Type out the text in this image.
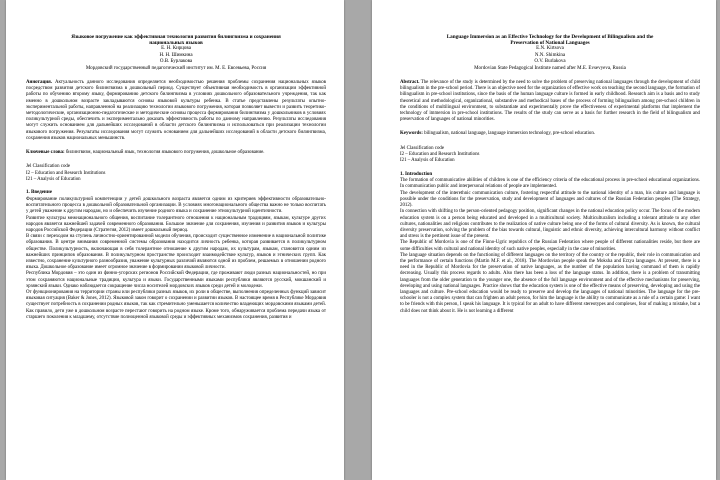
Языковое погружение как эффективная технология развития билингвизма и сохранения
национальных языков
Е. Н. Кирцова
Н. Н. Шимкина
О.В. Бурлакова
Мордовский государственный педагогический институт им. М. Е. Евсевьева, Россия
Аннотация. Актуальность данного исследования определяется необходимостью решения проблемы сохранения национальных языков посредством развития детского билингвизма в дошкольный период. Существует объективная необходимость в организации эффективной работы по обучению второму языку, формированию детского билингвизма в условиях дошкольного образовательного учреждения, так как именно в дошкольном возрасте закладываются основы языковой культуры ребенка. В статье представлены результаты опытно-экспериментальной работы, направленной на реализацию технологии языкового погружения, которая позволяет вывести и развить теоретико-методологические, организационно-педагогические и методические основы процесса формирования билингвизма у дошкольников в условиях поликультурной среды, обеспечить и экспериментально доказать эффективность работы по данному направлению. Результаты исследования могут служить основанием для дальнейших исследований в области детского билингвизма и использоваться при реализации технологии языкового погружения. Результаты исследования могут служить основанием для дальнейших исследований в области детского билингвизма, сохранения языков национальных меньшинств.
Ключевые слова: билингвизм, национальный язык, технология языкового погружения, дошкольное образование.
Jel Classification code
I2 – Education and Research Institutions
I21 – Analysis of Education
1. Введение
Формирование поликультурной компетенции у детей дошкольного возраста является одним из критериев эффективности образовательно-воспитательного процесса в дошкольной образовательной организации. В условиях многонационального общества важно не только воспитать у детей уважение к другим народам, но и обеспечить изучение родного языка и сохранение этнокультурной идентичности.
Развитие культуры межнационального общения, воспитание толерантного отношения к национальным традициям, языкам, культуре других народов является важнейшей задачей современного образования. Большое значение для сохранения, изучения и развития языков и культуры народов Российской Федерации (Стратегия, 2012) имеет дошкольный период.
В связи с переходом на ступень личностно-ориентированной модели обучения, происходит существенное изменение в национальной политике образования. В центре внимания современной системы образования находится личность ребенка, которая развивается в поликультурном обществе. Поликультурность, включающая в себя толерантное отношение к другим народам, их культурам, языкам, становится одним из важнейших принципов образования. В поликультурном пространстве происходит взаимодействие культур, языков и этнических групп. Как известно, сохранение культурного разнообразия, уважение культурных различий являются одной из проблем, решаемых в отношении родного языка. Дошкольное образование имеет огромное значение в формировании языковой личности.
Республика Мордовия – это один из финно-угорских регионов Российской Федерации, где проживают люди разных национальностей, но при этом сохраняются национальные традиции, культура и языки. Государственными языками республики являются русский, мокшанский и эрзянский языки. Однако наблюдается сокращение числа носителей мордовских языков среди детей и молодежи.
От функционирования на территории страны или республики разных языков, их роли в обществе, выполнения определенных функций зависит языковая ситуация (Baker & Jones, 2012). Языковой закон говорит о сохранении и развитии языков. В настоящее время в Республике Мордовия существует потребность в сохранении родных языков, так как стремительно уменьшается количество владеющих мордовскими языками детей. Как правило, дети уже в дошкольном возрасте перестают говорить на родном языке. Кроме того, обнаруживается проблема передачи языка от старшего поколения к младшему, отсутствие полноценной языковой среды и эффективных механизмов сохранения, развития и
Language Immersion as an Effective Technology for the Development of Bilingualism and the
Preservation of National Languages
E.N. Kirtsova
N.N. Shimkina
O.V. Burlakova
Mordovian State Pedagogical Institute named after M.E. Evsevyeva, Russia
Abstract. The relevance of the study is determined by the need to solve the problem of preserving national languages through the development of child bilingualism in the pre-school period. There is an objective need for the organization of effective work on teaching the second language, the formation of bilingualism in pre-school institutions, since the basis of the human language culture is formed in early childhood. Research aim is a basis and to study theoretical and methodological, organizational, substantive and methodical bases of the process of forming bilingualism among pre-school children in the conditions of multilingual environment, to substantiate and experimentally prove the effectiveness of experimental platforms that implement the technology of immersion in pre-school institutions. The results of the study can serve as a basis for further research in the field of bilingualism and preservation of languages of national minorities.
Keywords: bilingualism, national language, language immersion technology, pre-school education.
Jel Classification code
I2 – Education and Research Institutions
I21 – Analysis of Education
1. Introduction
The formation of communicative abilities of children is one of the efficiency criteria of the educational process in pre-school educational organizations. In communication public and interpersonal relations of people are implemented.
The development of the interethnic communication culture, fostering respectful attitude to the national identity of a man, his culture and language is possible under the conditions for the preservation, study and development of languages and cultures of the Russian Federation peoples (The Strategy, 2012).
In connection with shifting to the person-oriented pedagogy position, significant changes in the national education policy occur. The focus of the modern education system is on a person being educated and developed in a multicultural society. Multiculturalism including a tolerant attitude to any other cultures, nationalities and religions contributes to the realization of native culture being one of the forms of cultural diversity. As is known, the cultural diversity preservation, solving the problem of the bias towards cultural, linguistic and ethnic diversity, achieving intercultural harmony without conflict and stress is the pertinent issue of the present.
The Republic of Mordovia is one of the Finno-Ugric republics of the Russian Federation where people of different nationalities reside, but there are some difficulties with cultural and national identity of such native peoples, especially in the case of minorities.
The language situation depends on the functioning of different languages on the territory of the country or the republic, their role in communication and the performance of certain functions (Martin M.F. et al., 2018). The Mordovian people speak the Moksha and Erzya languages. At present, there is a need in the Republic of Mordovia for the preservation of native languages, as the number of the population having command of them is rapidly decreasing. Usually this process regards to adults. Also there has been a loss of the language status. In addition, there is a problem of transmitting languages from the older generation to the younger one, the absence of the full language environment and of the effective mechanisms for preserving, developing and using national languages. Practice shows that the education system is one of the effective means of preserving, developing and using the languages and culture. Pre-school education would be ready to preserve and develop the languages of national minorities. The language for the pre-schooler is not a complex system that can frighten an adult person, for him the language is the ability to communicate as a rule of a certain game: I want to be friends with this person, I speak his language. It is typical for an adult to have different stereotypes and complexes, fear of making a mistake, but a child does not think about it. He is not learning a different
